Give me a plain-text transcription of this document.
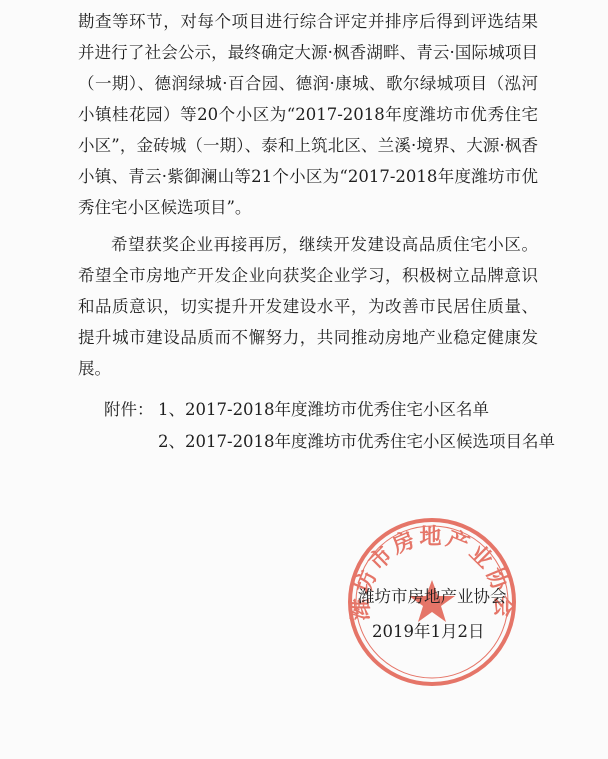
勘查等环节，对每个项目进行综合评定并排序后得到评选结果并进行了社会公示，最终确定大源·枫香湖畔、青云·国际城项目（一期）、德润绿城·百合园、德润·康城、歌尔绿城项目（泓河小镇桂花园）等20个小区为“2017-2018年度潍坊市优秀住宅小区”，金砖城（一期）、泰和上筑北区、兰溪·境界、大源·枫香小镇、青云·紫御澜山等21个小区为“2017-2018年度潍坊市优秀住宅小区候选项目”。
希望获奖企业再接再厉，继续开发建设高品质住宅小区。希望全市房地产开发企业向获奖企业学习，积极树立品牌意识和品质意识，切实提升开发建设水平，为改善市民居住质量、提升城市建设品质而不懈努力，共同推动房地产业稳定健康发展。
附件： 1、2017-2018年度潍坊市优秀住宅小区名单
2、2017-2018年度潍坊市优秀住宅小区候选项目名单
潍坊市房地产业协会
潍坊市房地产业协会
2019年1月2日
